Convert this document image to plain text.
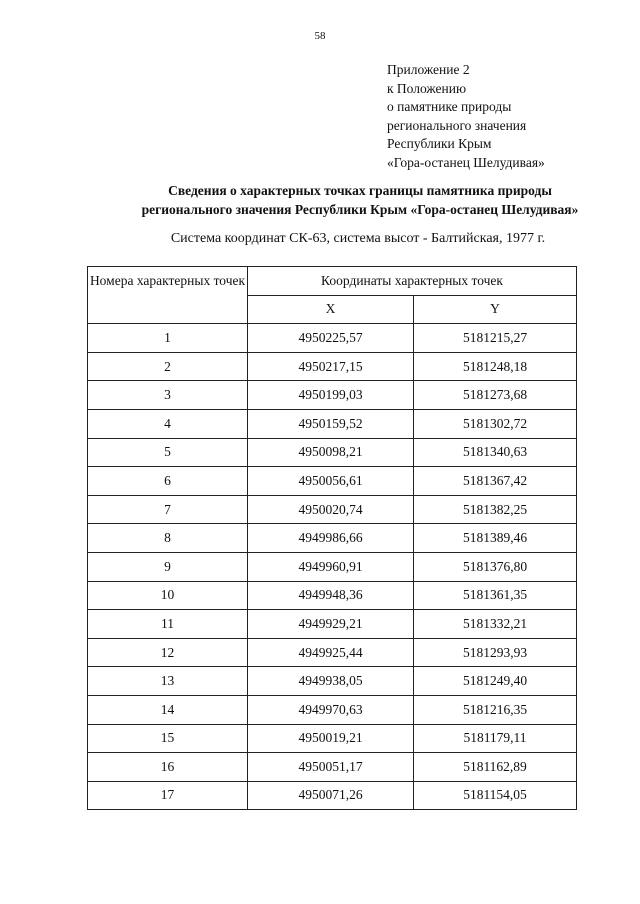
58
Приложение 2
к Положению
о памятнике природы
регионального значения
Республики Крым
«Гора-останец Шелудивая»
Сведения о характерных точках границы памятника природы
регионального значения Республики Крым «Гора-останец Шелудивая»
Система координат СК-63, система высот - Балтийская, 1977 г.
Номера характерных точек	Координаты характерных точек	
	X	Y
1	4950225,57	5181215,27
2	4950217,15	5181248,18
3	4950199,03	5181273,68
4	4950159,52	5181302,72
5	4950098,21	5181340,63
6	4950056,61	5181367,42
7	4950020,74	5181382,25
8	4949986,66	5181389,46
9	4949960,91	5181376,80
10	4949948,36	5181361,35
11	4949929,21	5181332,21
12	4949925,44	5181293,93
13	4949938,05	5181249,40
14	4949970,63	5181216,35
15	4950019,21	5181179,11
16	4950051,17	5181162,89
17	4950071,26	5181154,05
